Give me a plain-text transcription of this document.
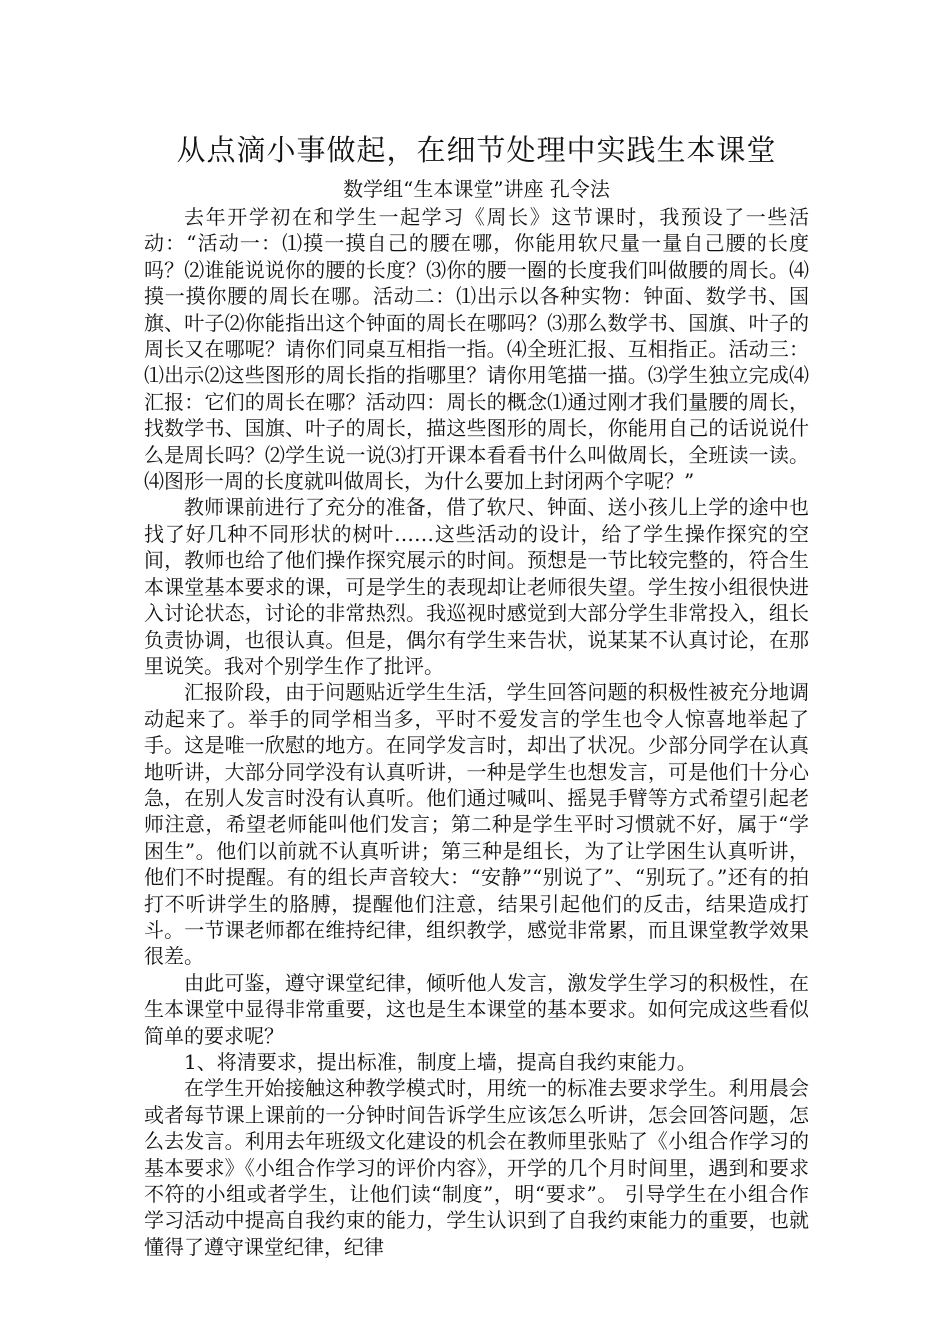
从点滴小事做起，在细节处理中实践生本课堂

数学组“生本课堂”讲座 孔令法

去年开学初在和学生一起学习《周长》这节课时，我预设了一些活动：“活动一：⑴摸一摸自己的腰在哪，你能用软尺量一量自己腰的长度吗？⑵谁能说说你的腰的长度？⑶你的腰一圈的长度我们叫做腰的周长。⑷摸一摸你腰的周长在哪。活动二：⑴出示以各种实物：钟面、数学书、国旗、叶子⑵你能指出这个钟面的周长在哪吗？⑶那么数学书、国旗、叶子的周长又在哪呢？请你们同桌互相指一指。⑷全班汇报、互相指正。活动三：⑴出示⑵这些图形的周长指的指哪里？请你用笔描一描。⑶学生独立完成⑷汇报：它们的周长在哪？活动四：周长的概念⑴通过刚才我们量腰的周长，找数学书、国旗、叶子的周长，描这些图形的周长，你能用自己的话说说什么是周长吗？⑵学生说一说⑶打开课本看看书什么叫做周长，全班读一读。⑷图形一周的长度就叫做周长，为什么要加上封闭两个字呢？”

教师课前进行了充分的准备，借了软尺、钟面、送小孩儿上学的途中也找了好几种不同形状的树叶……这些活动的设计，给了学生操作探究的空间，教师也给了他们操作探究展示的时间。预想是一节比较完整的，符合生本课堂基本要求的课，可是学生的表现却让老师很失望。学生按小组很快进入讨论状态，讨论的非常热烈。我巡视时感觉到大部分学生非常投入，组长负责协调，也很认真。但是，偶尔有学生来告状，说某某不认真讨论，在那里说笑。我对个别学生作了批评。

汇报阶段，由于问题贴近学生生活，学生回答问题的积极性被充分地调动起来了。举手的同学相当多，平时不爱发言的学生也令人惊喜地举起了手。这是唯一欣慰的地方。在同学发言时，却出了状况。少部分同学在认真地听讲，大部分同学没有认真听讲，一种是学生也想发言，可是他们十分心急，在别人发言时没有认真听。他们通过喊叫、摇晃手臂等方式希望引起老师注意，希望老师能叫他们发言；第二种是学生平时习惯就不好，属于“学困生”。他们以前就不认真听讲；第三种是组长，为了让学困生认真听讲，他们不时提醒。有的组长声音较大：“安静”“别说了”、“别玩了。”还有的拍打不听讲学生的胳膊，提醒他们注意，结果引起他们的反击，结果造成打斗。一节课老师都在维持纪律，组织教学，感觉非常累，而且课堂教学效果很差。

由此可鉴，遵守课堂纪律，倾听他人发言，激发学生学习的积极性，在生本课堂中显得非常重要，这也是生本课堂的基本要求。如何完成这些看似简单的要求呢？

1、将清要求，提出标准，制度上墙，提高自我约束能力。

在学生开始接触这种教学模式时，用统一的标准去要求学生。利用晨会或者每节课上课前的一分钟时间告诉学生应该怎么听讲，怎会回答问题，怎么去发言。利用去年班级文化建设的机会在教师里张贴了《小组合作学习的基本要求》《小组合作学习的评价内容》，开学的几个月时间里，遇到和要求不符的小组或者学生，让他们读“制度”，明“要求”。 引导学生在小组合作学习活动中提高自我约束的能力，学生认识到了自我约束能力的重要，也就懂得了遵守课堂纪律，纪律
